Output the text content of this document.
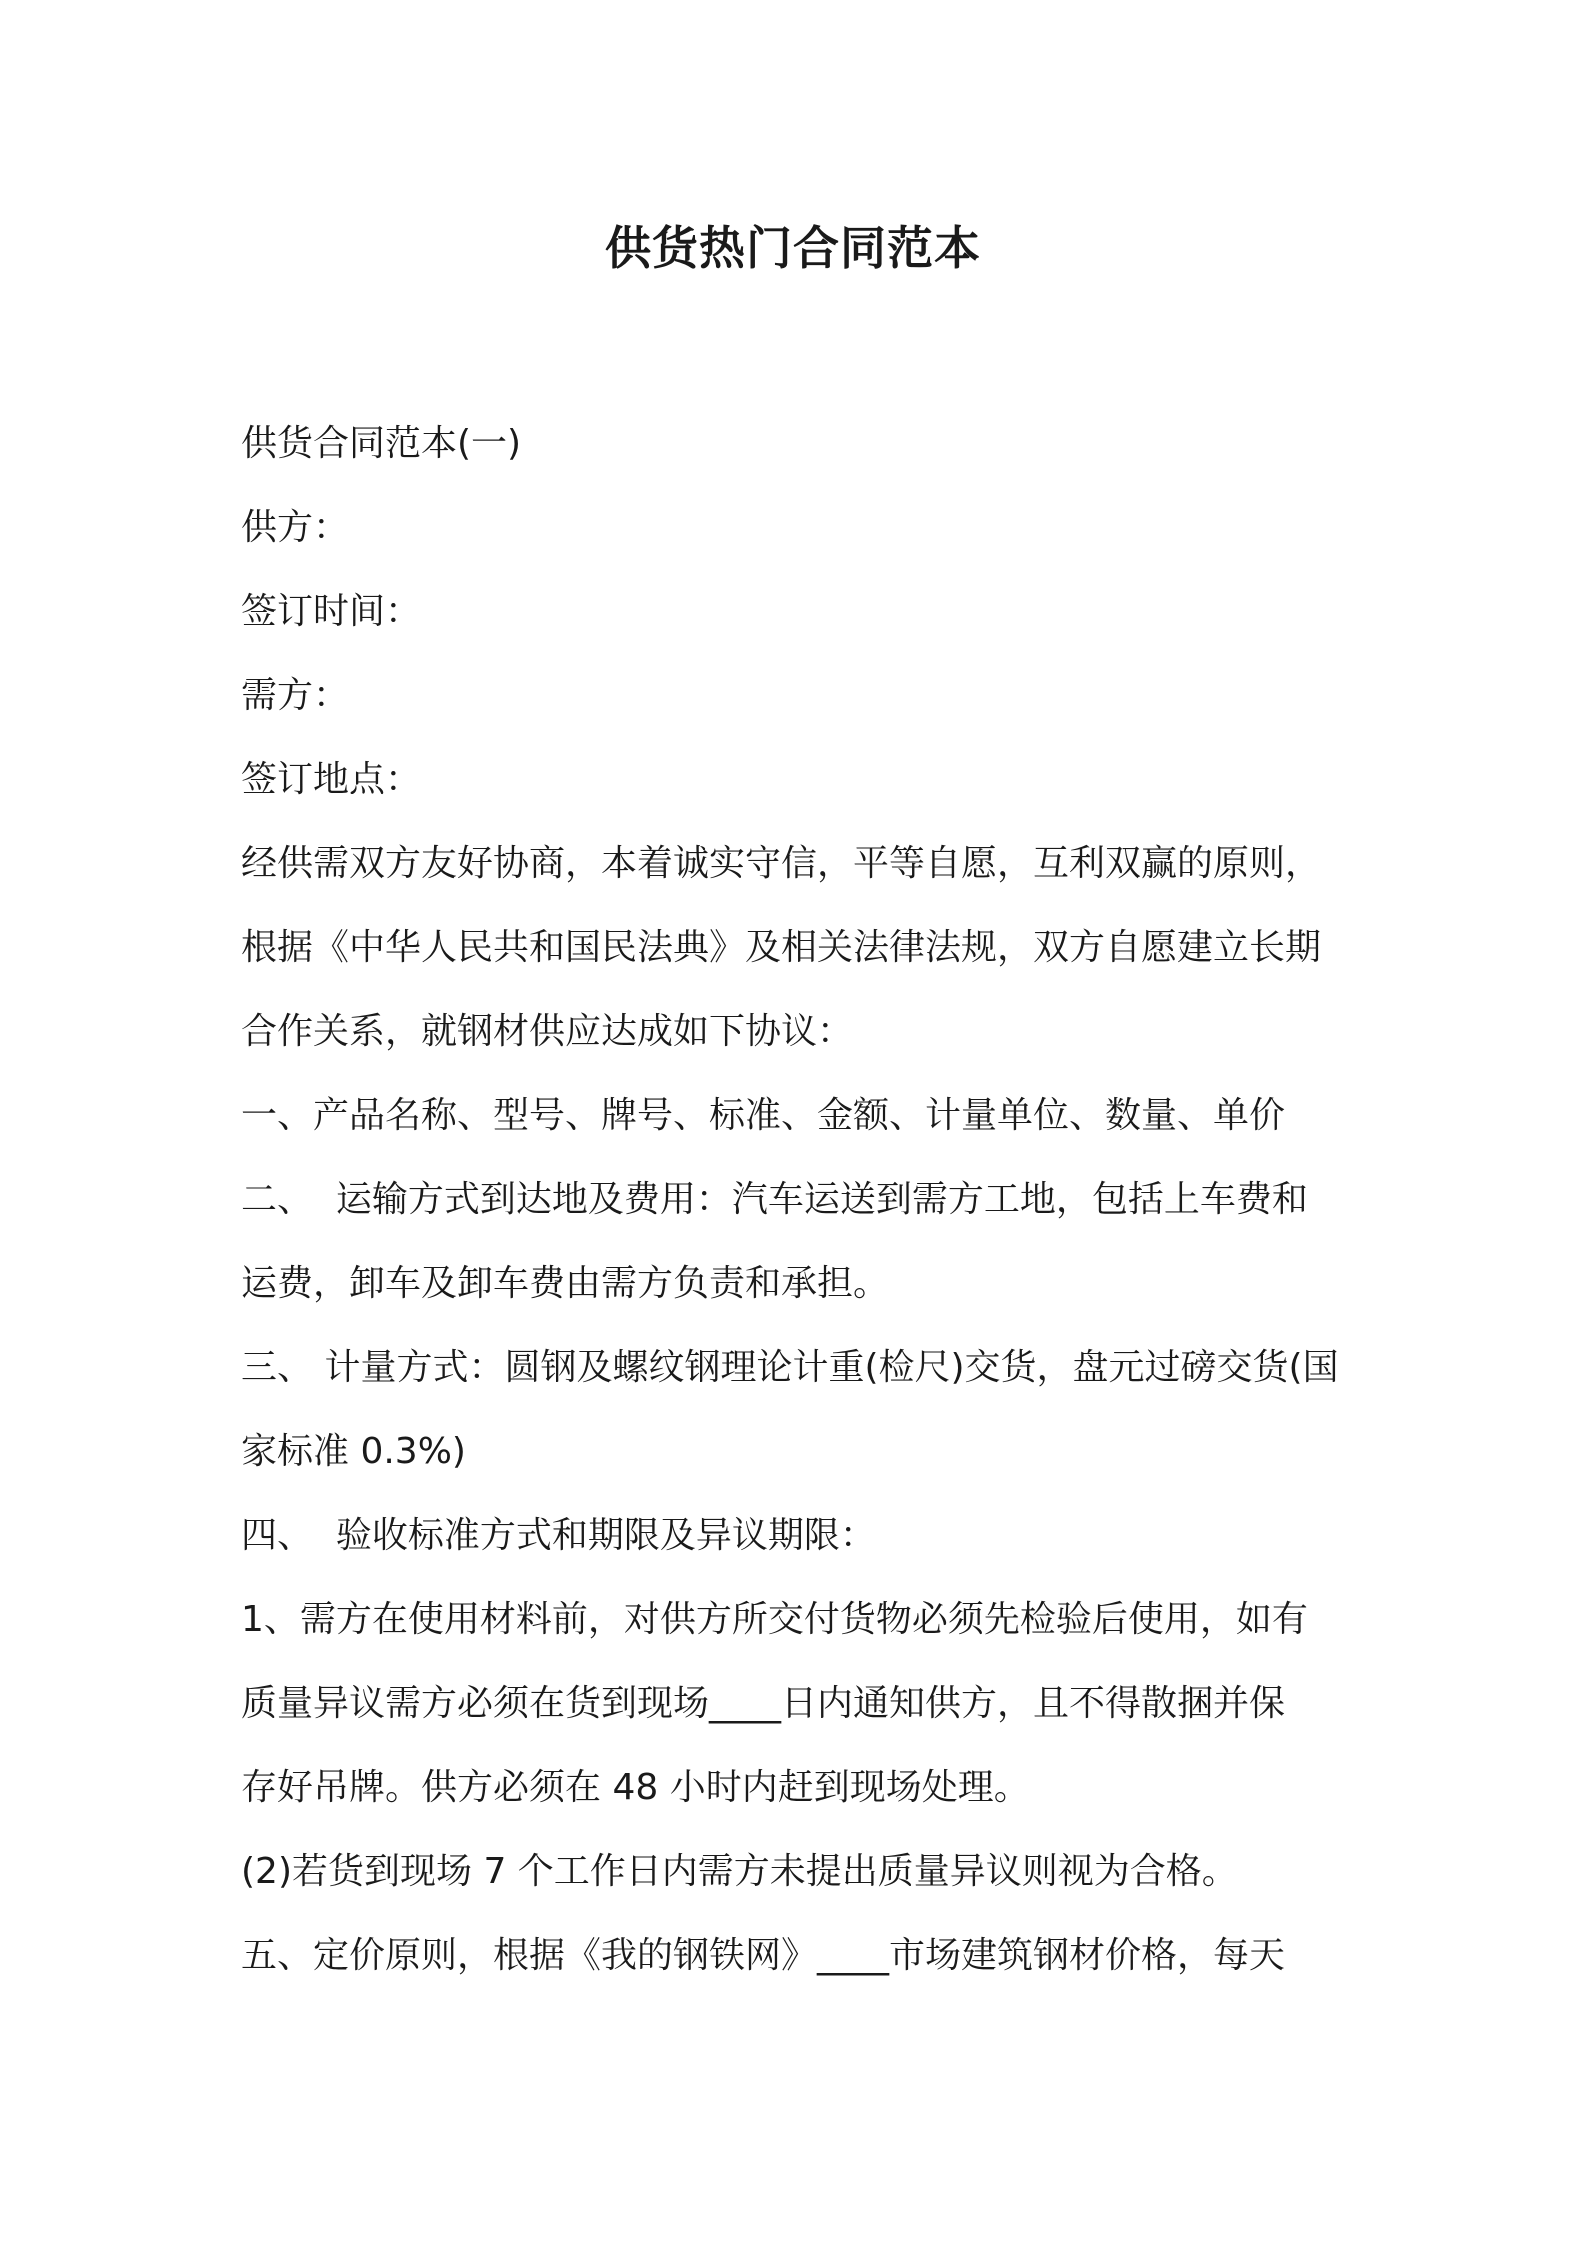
供货热门合同范本
供货合同范本(一)
供方：
签订时间：
需方：
签订地点：
经供需双方友好协商，本着诚实守信，平等自愿，互利双赢的原则，
根据《中华人民共和国民法典》及相关法律法规，双方自愿建立长期
合作关系，就钢材供应达成如下协议：
一、产品名称、型号、牌号、标准、金额、计量单位、数量、单价
二、  运输方式到达地及费用：汽车运送到需方工地，包括上车费和
运费，卸车及卸车费由需方负责和承担。
三、 计量方式：圆钢及螺纹钢理论计重(检尺)交货，盘元过磅交货(国
家标准 0.3%)
四、  验收标准方式和期限及异议期限：
1、需方在使用材料前，对供方所交付货物必须先检验后使用，如有
质量异议需方必须在货到现场____日内通知供方，且不得散捆并保
存好吊牌。供方必须在 48 小时内赶到现场处理。
(2)若货到现场 7 个工作日内需方未提出质量异议则视为合格。
五、定价原则，根据《我的钢铁网》____市场建筑钢材价格，每天
